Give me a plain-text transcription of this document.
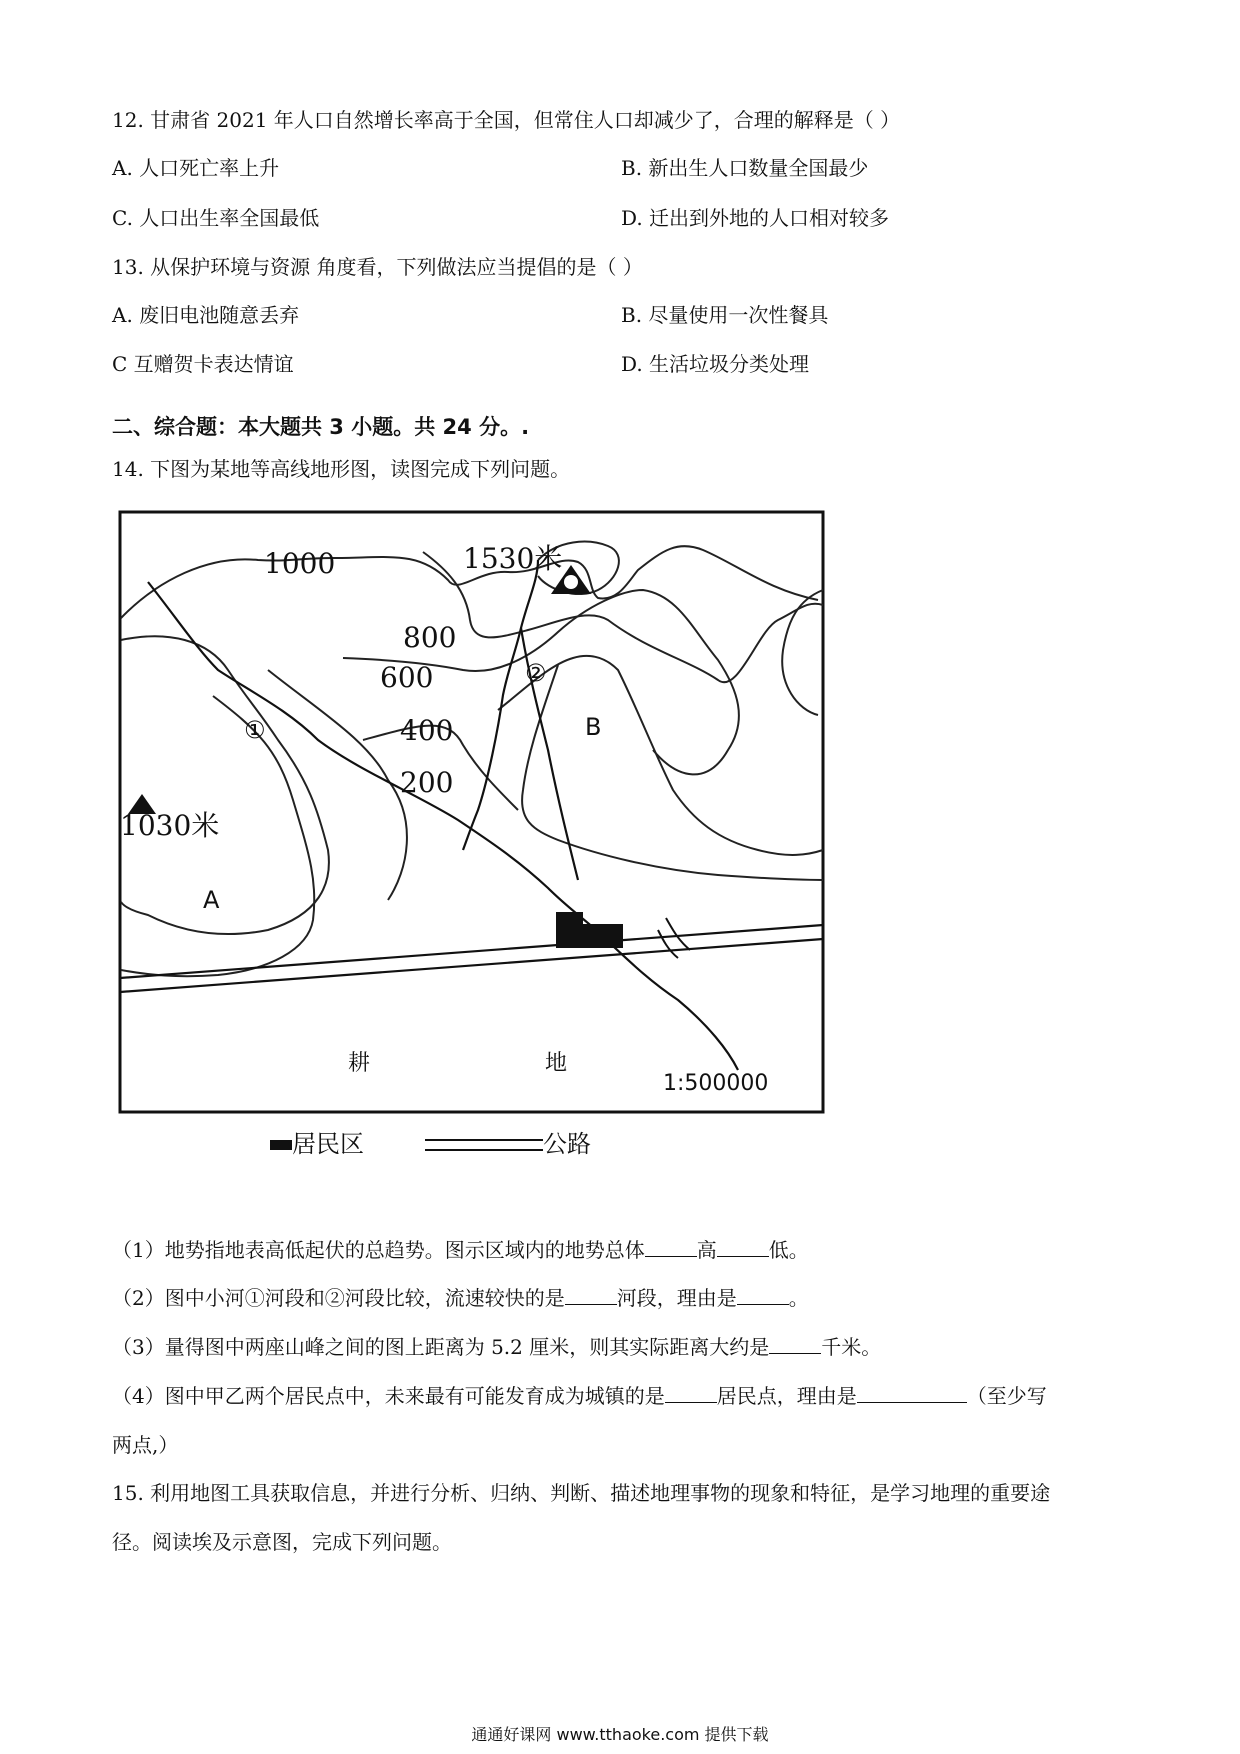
12. 甘肃省 2021 年人口自然增长率高于全国，但常住人口却减少了，合理的解释是（ ）
A. 人口死亡率上升	B. 新出生人口数量全国最少
C. 人口出生率全国最低	D. 迁出到外地的人口相对较多
13. 从保护环境与资源 角度看，下列做法应当提倡的是（ ）
A. 废旧电池随意丢弃	B. 尽量使用一次性餐具
C 互赠贺卡表达情谊	D. 生活垃圾分类处理
二、综合题：本大题共 3 小题。共 24 分。.
14. 下图为某地等高线地形图，读图完成下列问题。
1000
800
600
400
200
1530米
1030米
①
②
A
B
耕	地
1:500000
居民区	公路
（1）地势指地表高低起伏的总趋势。图示区域内的地势总体	高	低。
（2）图中小河①河段和②河段比较，流速较快的是	河段，理由是	。
（3）量得图中两座山峰之间的图上距离为 5.2 厘米，则其实际距离大约是	千米。
（4）图中甲乙两个居民点中，未来最有可能发育成为城镇的是	居民点，理由是	（至少写
两点,）
15. 利用地图工具获取信息，并进行分析、归纳、判断、描述地理事物的现象和特征，是学习地理的重要途
径。阅读埃及示意图，完成下列问题。
通通好课网 www.tthaoke.com 提供下载
